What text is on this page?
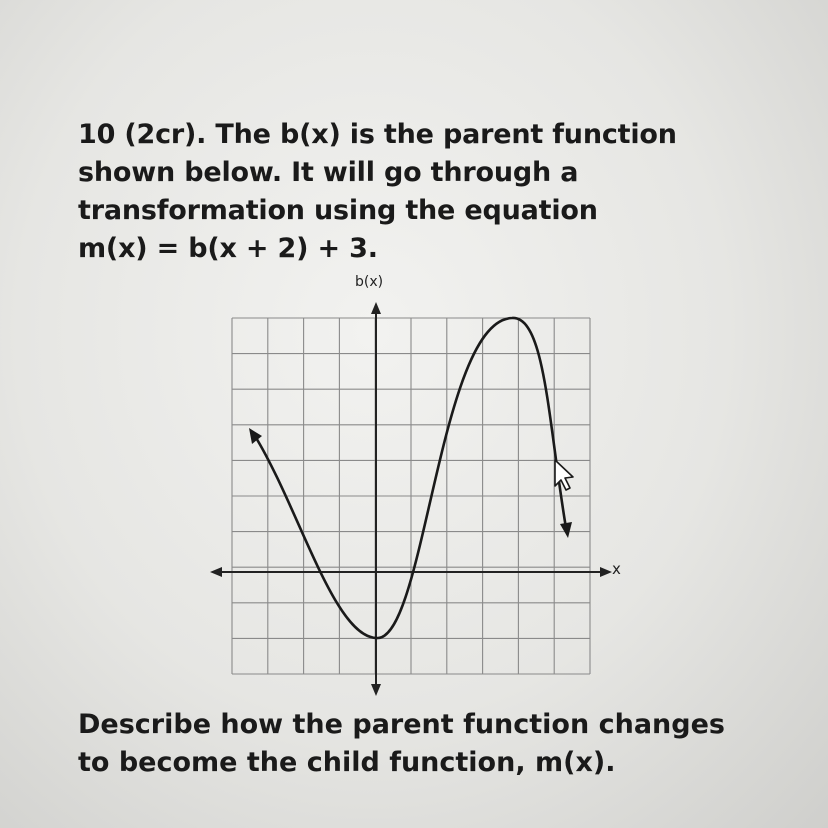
10 (2cr). The b(x) is the parent function
shown below. It will go through a
transformation using the equation
m(x) = b(x + 2) + 3.
b(x)
x
Describe how the parent function changes
to become the child function, m(x).
